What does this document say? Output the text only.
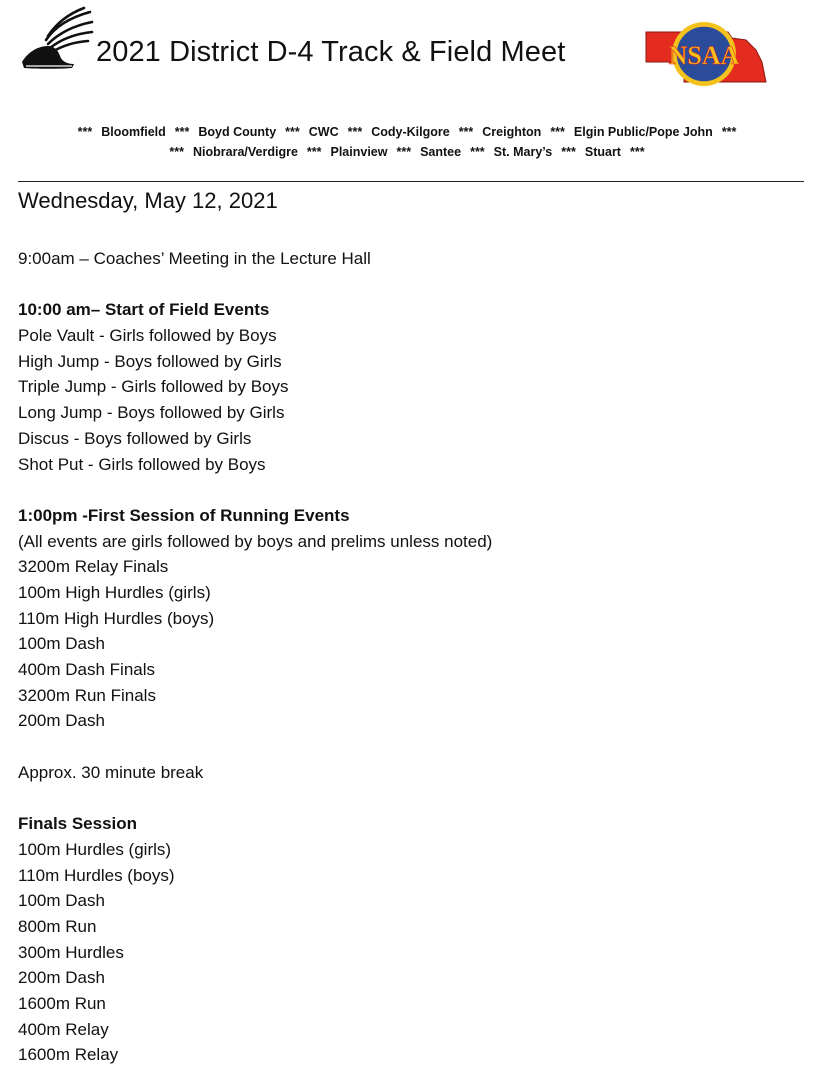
2021 District D-4 Track & Field Meet	NSAA
*** Bloomfield *** Boyd County *** CWC *** Cody-Kilgore *** Creighton *** Elgin Public/Pope John ***
*** Niobrara/Verdigre *** Plainview *** Santee *** St. Mary’s *** Stuart ***
Wednesday, May 12, 2021
9:00am – Coaches’ Meeting in the Lecture Hall
10:00 am– Start of Field Events
Pole Vault - Girls followed by Boys
High Jump - Boys followed by Girls
Triple Jump - Girls followed by Boys
Long Jump - Boys followed by Girls
Discus - Boys followed by Girls
Shot Put - Girls followed by Boys
1:00pm -First Session of Running Events
(All events are girls followed by boys and prelims unless noted)
3200m Relay Finals
100m High Hurdles (girls)
110m High Hurdles (boys)
100m Dash
400m Dash Finals
3200m Run Finals
200m Dash
Approx. 30 minute break
Finals Session
100m Hurdles (girls)
110m Hurdles (boys)
100m Dash
800m Run
300m Hurdles
200m Dash
1600m Run
400m Relay
1600m Relay
